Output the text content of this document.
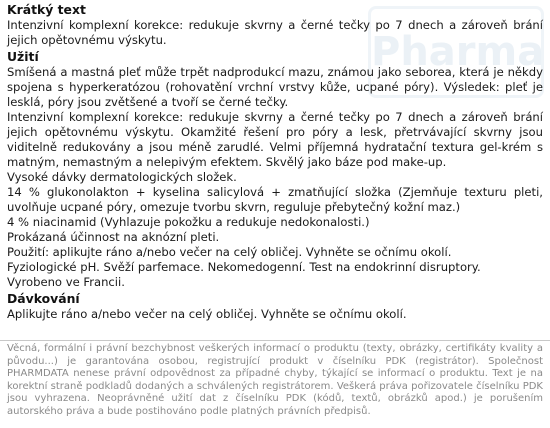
Pharma
Krátký text

Intenzivní komplexní korekce: redukuje skvrny a černé tečky po 7 dnech a zároveň brání jejich opětovnému výskytu.

Užití

Smíšená a mastná pleť může trpět nadprodukcí mazu, známou jako seborea, která je někdy spojena s hyperkeratózou (rohovatění vrchní vrstvy kůže, ucpané póry). Výsledek: pleť je lesklá, póry jsou zvětšené a tvoří se černé tečky.

Intenzivní komplexní korekce: redukuje skvrny a černé tečky po 7 dnech a zároveň brání jejich opětovnému výskytu. Okamžité řešení pro póry a lesk, přetrvávající skvrny jsou viditelně redukovány a jsou méně zarudlé. Velmi příjemná hydratační textura gel-krém s matným, nemastným a nelepivým efektem. Skvělý jako báze pod make-up.

Vysoké dávky dermatologických složek.

14 % glukonolakton + kyselina salicylová + zmatňující složka (Zjemňuje texturu pleti, uvolňuje ucpané póry, omezuje tvorbu skvrn, reguluje přebytečný kožní maz.)

4 % niacinamid (Vyhlazuje pokožku a redukuje nedokonalosti.)

Prokázaná účinnost na aknózní pleti.

Použití: aplikujte ráno a/nebo večer na celý obličej. Vyhněte se očnímu okolí.

Fyziologické pH. Svěží parfemace. Nekomedogenní. Test na endokrinní disruptory.

Vyrobeno ve Francii.

Dávkování

Aplikujte ráno a/nebo večer na celý obličej. Vyhněte se očnímu okolí.

Věcná, formální i právní bezchybnost veškerých informací o produktu (texty, obrázky, certifikáty kvality a původu...) je garantována osobou, registrující produkt v číselníku PDK (registrátor). Společnost PHARMDATA nenese právní odpovědnost za případné chyby, týkající se informací o produktu. Text je na korektní straně podkladů dodaných a schválených registrátorem. Veškerá práva pořizovatele číselníku PDK jsou vyhrazena. Neoprávněné užití dat z číselníku PDK (kódů, textů, obrázků apod.) je porušením autorského práva a bude postihováno podle platných právních předpisů.
